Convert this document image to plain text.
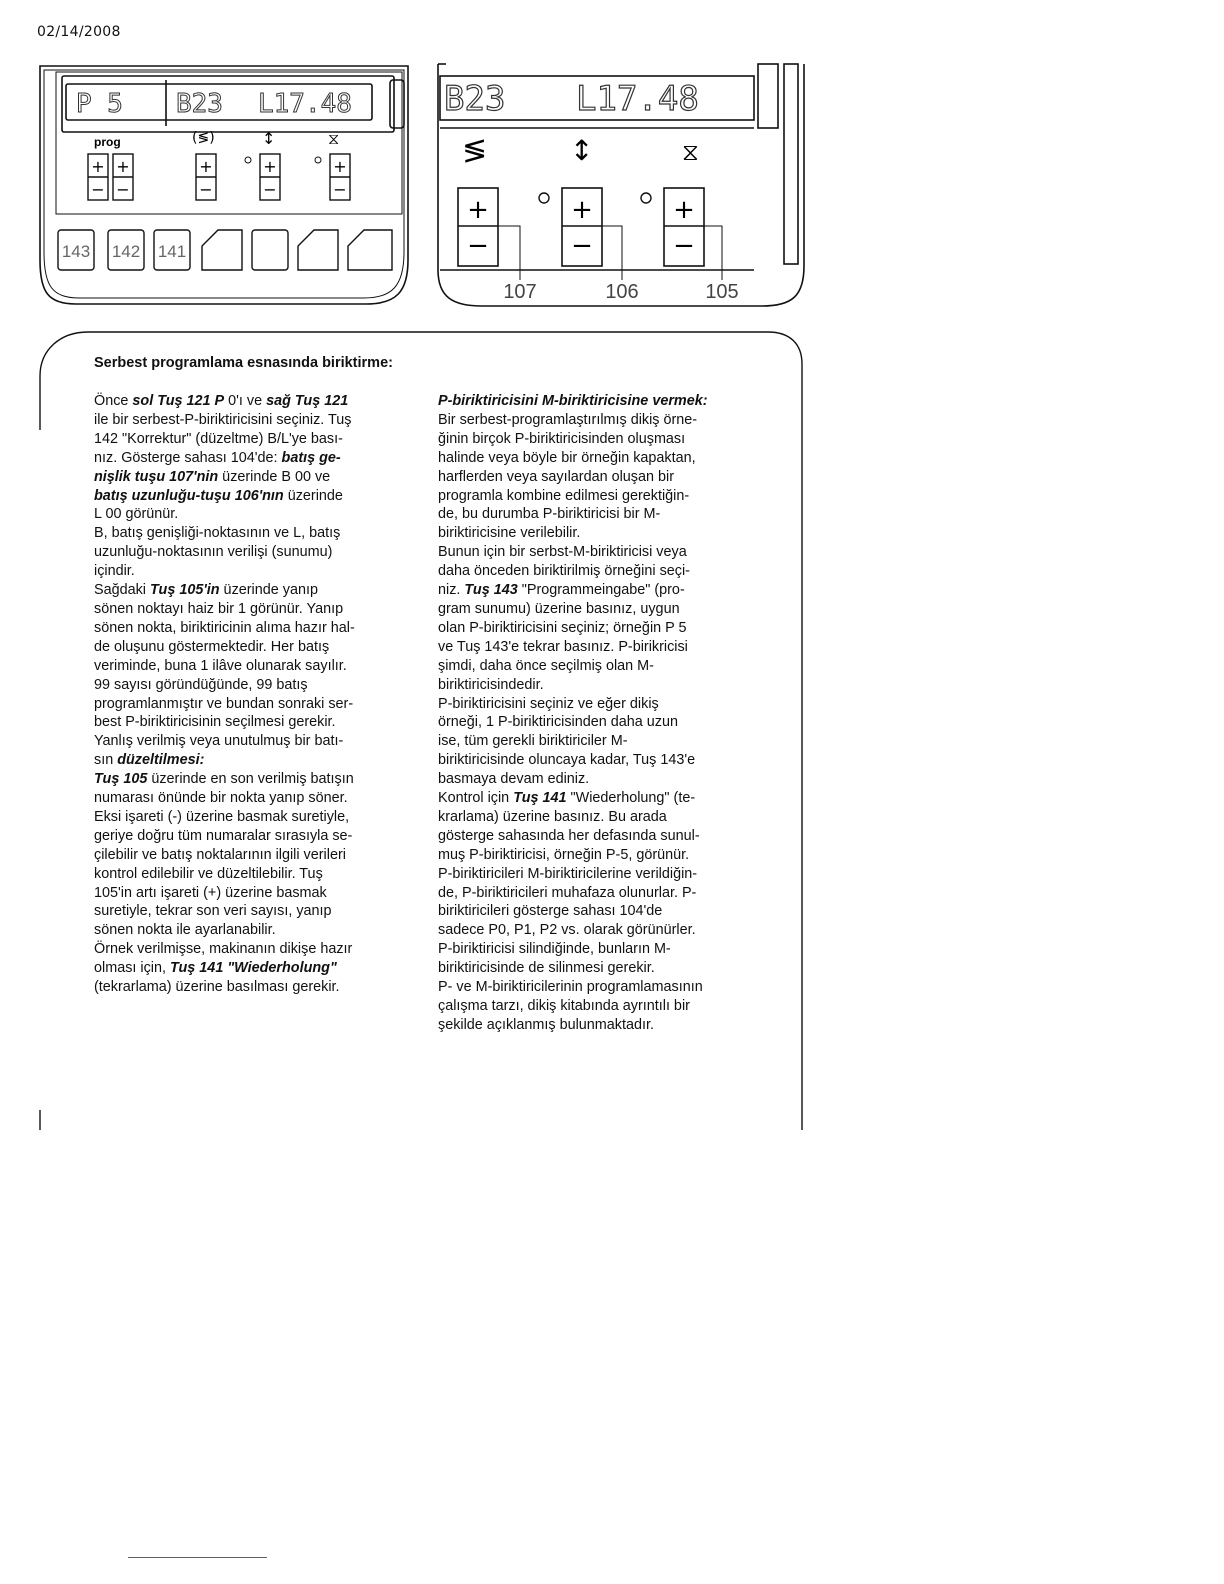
02/14/2008
P 5 B23 L17.48
prog	(≶)	↕	⧖
+ +	+	+	+
− −	−	−	−
143 142 141
B23 L17.48
≶	↕	⧖
+	+	+
−	−	−
107	106	105
Serbest programlama esnasında biriktirme:
Önce sol Tuş 121 P 0'ı ve sağ Tuş 121
ile bir serbest-P-biriktiricisini seçiniz. Tuş
142 "Korrektur" (düzeltme) B/L'ye bası-
nız. Gösterge sahası 104'de: batış ge-
nişlik tuşu 107'nin üzerinde B 00 ve
batış uzunluğu-tuşu 106'nın üzerinde
L 00 görünür.
B, batış genişliği-noktasının ve L, batış
uzunluğu-noktasının verilişi (sunumu)
içindir.
Sağdaki Tuş 105'in üzerinde yanıp
sönen noktayı haiz bir 1 görünür. Yanıp
sönen nokta, biriktiricinin alıma hazır hal-
de oluşunu göstermektedir. Her batış
veriminde, buna 1 ilâve olunarak sayılır.
99 sayısı göründüğünde, 99 batış
programlanmıştır ve bundan sonraki ser-
best P-biriktiricisinin seçilmesi gerekir.
Yanlış verilmiş veya unutulmuş bir batı-
sın düzeltilmesi:
Tuş 105 üzerinde en son verilmiş batışın
numarası önünde bir nokta yanıp söner.
Eksi işareti (-) üzerine basmak suretiyle,
geriye doğru tüm numaralar sırasıyla se-
çilebilir ve batış noktalarının ilgili verileri
kontrol edilebilir ve düzeltilebilir. Tuş
105'in artı işareti (+) üzerine basmak
suretiyle, tekrar son veri sayısı, yanıp
sönen nokta ile ayarlanabilir.
Örnek verilmişse, makinanın dikişe hazır
olması için, Tuş 141 "Wiederholung"
(tekrarlama) üzerine basılması gerekir.
P-biriktiricisini M-biriktiricisine vermek:
Bir serbest-programlaştırılmış dikiş örne-
ğinin birçok P-biriktiricisinden oluşması
halinde veya böyle bir örneğin kapaktan,
harflerden veya sayılardan oluşan bir
programla kombine edilmesi gerektiğin-
de, bu durumba P-biriktiricisi bir M-
biriktiricisine verilebilir.
Bunun için bir serbst-M-biriktiricisi veya
daha önceden biriktirilmiş örneğini seçi-
niz. Tuş 143 "Programmeingabe" (pro-
gram sunumu) üzerine basınız, uygun
olan P-biriktiricisini seçiniz; örneğin P 5
ve Tuş 143'e tekrar basınız. P-birikricisi
şimdi, daha önce seçilmiş olan M-
biriktiricisindedir.
P-biriktiricisini seçiniz ve eğer dikiş
örneği, 1 P-biriktiricisinden daha uzun
ise, tüm gerekli biriktiriciler M-
biriktiricisinde oluncaya kadar, Tuş 143'e
basmaya devam ediniz.
Kontrol için Tuş 141 "Wiederholung" (te-
krarlama) üzerine basınız. Bu arada
gösterge sahasında her defasında sunul-
muş P-biriktiricisi, örneğin P-5, görünür.
P-biriktiricileri M-biriktiricilerine verildiğin-
de, P-biriktiricileri muhafaza olunurlar. P-
biriktiricileri gösterge sahası 104'de
sadece P0, P1, P2 vs. olarak görünürler.
P-biriktiricisi silindiğinde, bunların M-
biriktiricisinde de silinmesi gerekir.
P- ve M-biriktiricilerinin programlamasının
çalışma tarzı, dikiş kitabında ayrıntılı bir
şekilde açıklanmış bulunmaktadır.
